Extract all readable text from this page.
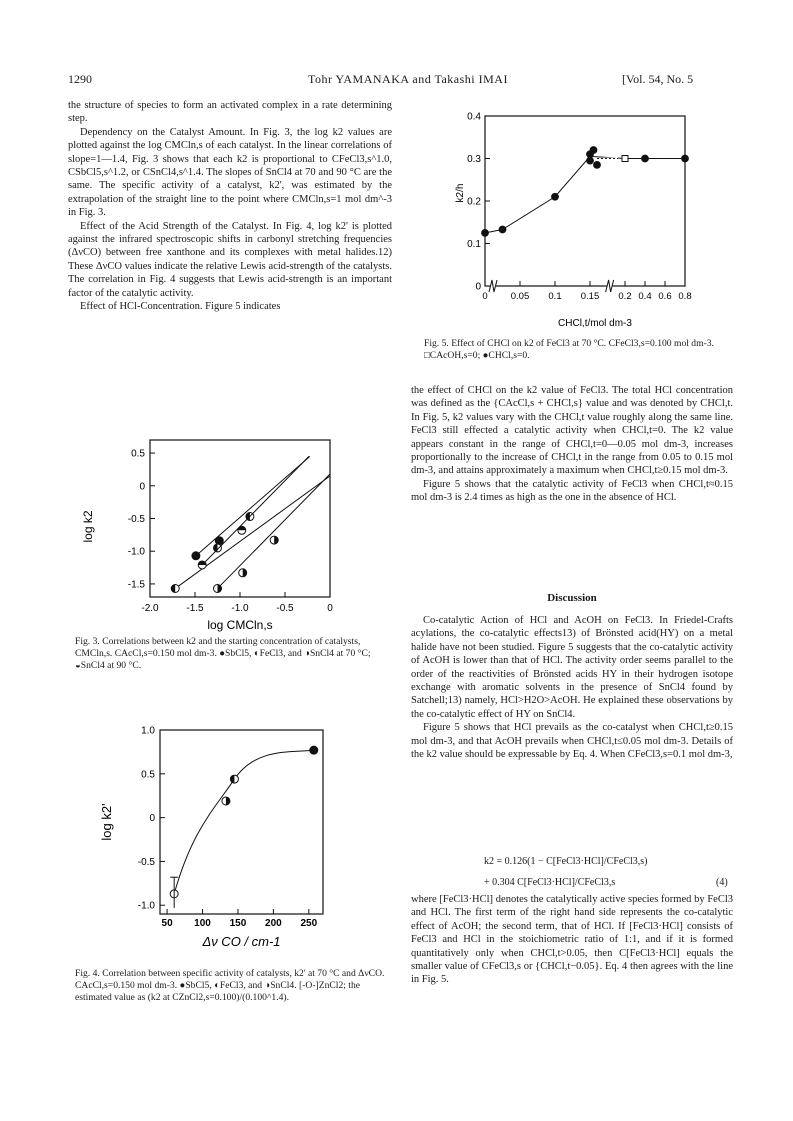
1290	Tohr YAMANAKA and Takashi IMAI	[Vol. 54, No. 5

the structure of species to form an activated complex in a rate determining step.

Dependency on the Catalyst Amount. In Fig. 3, the log k2 values are plotted against the log CMCln,s of each catalyst. In the linear correlations of slope=1—1.4, Fig. 3 shows that each k2 is proportional to CFeCl3,s^1.0, CSbCl5,s^1.2, or CSnCl4,s^1.4. The slopes of SnCl4 at 70 and 90 °C are the same. The specific activity of a catalyst, k2', was estimated by the extrapolation of the straight line to the point where CMCln,s=1 mol dm^-3 in Fig. 3.

Effect of the Acid Strength of the Catalyst. In Fig. 4, log k2' is plotted against the infrared spectroscopic shifts in carbonyl stretching frequencies (ΔνCO) between free xanthone and its complexes with metal halides.12) These ΔνCO values indicate the relative Lewis acid-strength of the catalysts. The correlation in Fig. 4 suggests that Lewis acid-strength is an important factor of the catalytic activity.

Effect of HCl-Concentration. Figure 5 indicates

-2.0	-1.5	-1.0	-0.5	0
0.5
0
-0.5
-1.0
-1.5
log CMCln,s
log k2
Fig. 3. Correlations between k2 and the starting concentration of catalysts, CMCln,s. CAcCl,s=0.150 mol dm-3. ●SbCl5, ◐FeCl3, and ◑SnCl4 at 70 °C; ◒SnCl4 at 90 °C.
50 100 150 200 250
1.0
0.5
0
-0.5
-1.0
Δν CO / cm-1
log k2'
Fig. 4. Correlation between specific activity of catalysts, k2' at 70 °C and ΔνCO. CAcCl,s=0.150 mol dm-3. ●SbCl5, ◐FeCl3, and ◑SnCl4. [-O-]ZnCl2; the estimated value as (k2 at CZnCl2,s=0.100)/(0.100^1.4).
0 0.05 0.1 0.15 0.2 0.4 0.6 0.8
0.4
0.3
0.2
0.1
0
CHCl,t/mol dm-3
k2/h
Fig. 5. Effect of CHCl on k2 of FeCl3 at 70 °C. CFeCl3,s=0.100 mol dm-3. □CAcOH,s=0; ●CHCl,s=0.

the effect of CHCl on the k2 value of FeCl3. The total HCl concentration was defined as the {CAcCl,s + CHCl,s} value and was denoted by CHCl,t. In Fig. 5, k2 values vary with the CHCl,t value roughly along the same line. FeCl3 still effected a catalytic activity when CHCl,t=0. The k2 value appears constant in the range of CHCl,t=0—0.05 mol dm-3, increases proportionally to the increase of CHCl,t in the range from 0.05 to 0.15 mol dm-3, and attains approximately a maximum when CHCl,t≥0.15 mol dm-3.

Figure 5 shows that the catalytic activity of FeCl3 when CHCl,t≈0.15 mol dm-3 is 2.4 times as high as the one in the absence of HCl.

Discussion

Co-catalytic Action of HCl and AcOH on FeCl3. In Friedel-Crafts acylations, the co-catalytic effects13) of Brönsted acid(HY) on a metal halide have not been studied. Figure 5 suggests that the co-catalytic activity of AcOH is lower than that of HCl. The activity order seems parallel to the order of the reactivities of Brönsted acids HY in their hydrogen isotope exchange with aromatic solvents in the presence of SnCl4 found by Satchell;13) namely, HCl>H2O>AcOH. He explained these observations by the co-catalytic effect of HY on SnCl4.

Figure 5 shows that HCl prevails as the co-catalyst when CHCl,t≥0.15 mol dm-3, and that AcOH prevails when CHCl,t≤0.05 mol dm-3. Details of the k2 value should be expressable by Eq. 4. When CFeCl3,s=0.1 mol dm-3,

k2 = 0.126(1 − C[FeCl3·HCl]/CFeCl3,s)
+ 0.304 C[FeCl3·HCl]/CFeCl3,s	(4)

where [FeCl3·HCl] denotes the catalytically active species formed by FeCl3 and HCl. The first term of the right hand side represents the co-catalytic effect of AcOH; the second term, that of HCl. If [FeCl3·HCl] consists of FeCl3 and HCl in the stoichiometric ratio of 1:1, and if it is formed quantitatively only when CHCl,t>0.05, then C[FeCl3·HCl] equals the smaller value of CFeCl3,s or {CHCl,t−0.05}. Eq. 4 then agrees with the line in Fig. 5.
